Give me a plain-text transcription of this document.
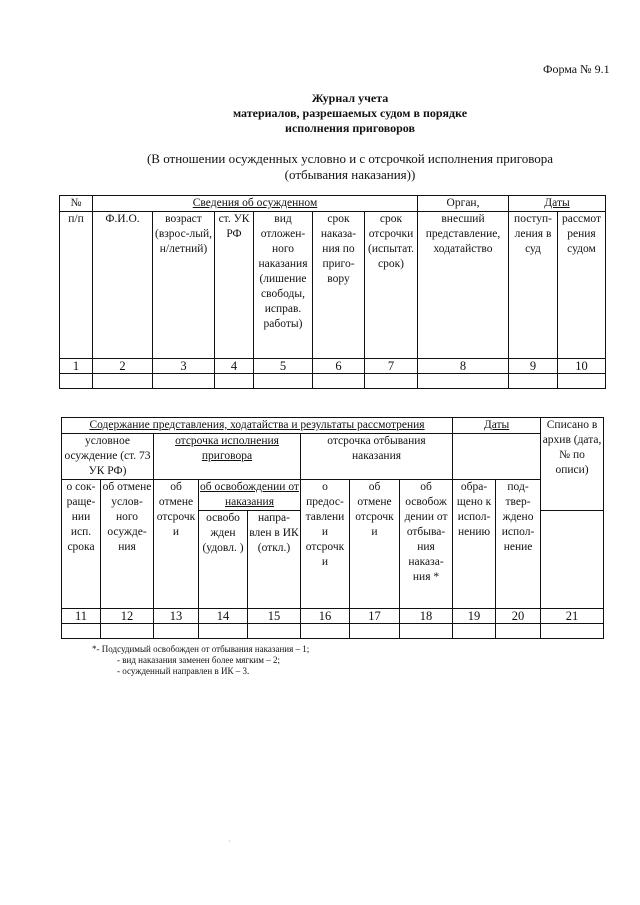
Форма № 9.1
Журнал учета
материалов, разрешаемых судом в порядке
исполнения приговоров
(В отношении осужденных условно и с отсрочкой исполнения приговора
(отбывания наказания))
№	Сведения об осужденном						Орган,	Даты	
п/п	Ф.И.О.	возраст (взрос-лый, н/летний)	ст. УК РФ	вид отложен-ного наказания (лишение свободы, исправ. работы)	срок наказа-ния по приго-вору	срок отсрочки (испытат. срок)	внесший представление, ходатайство	поступ-ления в суд	рассмот рения судом
1	2	3	4	5	6	7	8	9	10

Содержание представления, ходатайства и результаты рассмотрения								Даты		Списано в архив (дата, № по описи)
условное осуждение (ст. 73 УК РФ)		отсрочка исполнения приговора			отсрочка отбывания наказания					
о сок-раще-нии исп. срока	об отмене услов-ного осужде-ния	об отмене отсрочк и	об освобождении от наказания		о предос-тавлени и отсрочк и	об отмене отсрочк и	об освобож дении от отбыва-ния наказа-ния *	обра-щено к испол-нению	под-твер-ждено испол-нение	
			освобо жден (удовл. )	напра-влен в ИК (откл.)						
11	12	13	14	15	16	17	18	19	20	21

*- Подсудимый освобожден от отбывания наказания – 1;
- вид наказания заменен более мягким – 2;
- осужденный направлен в ИК – 3.
·
